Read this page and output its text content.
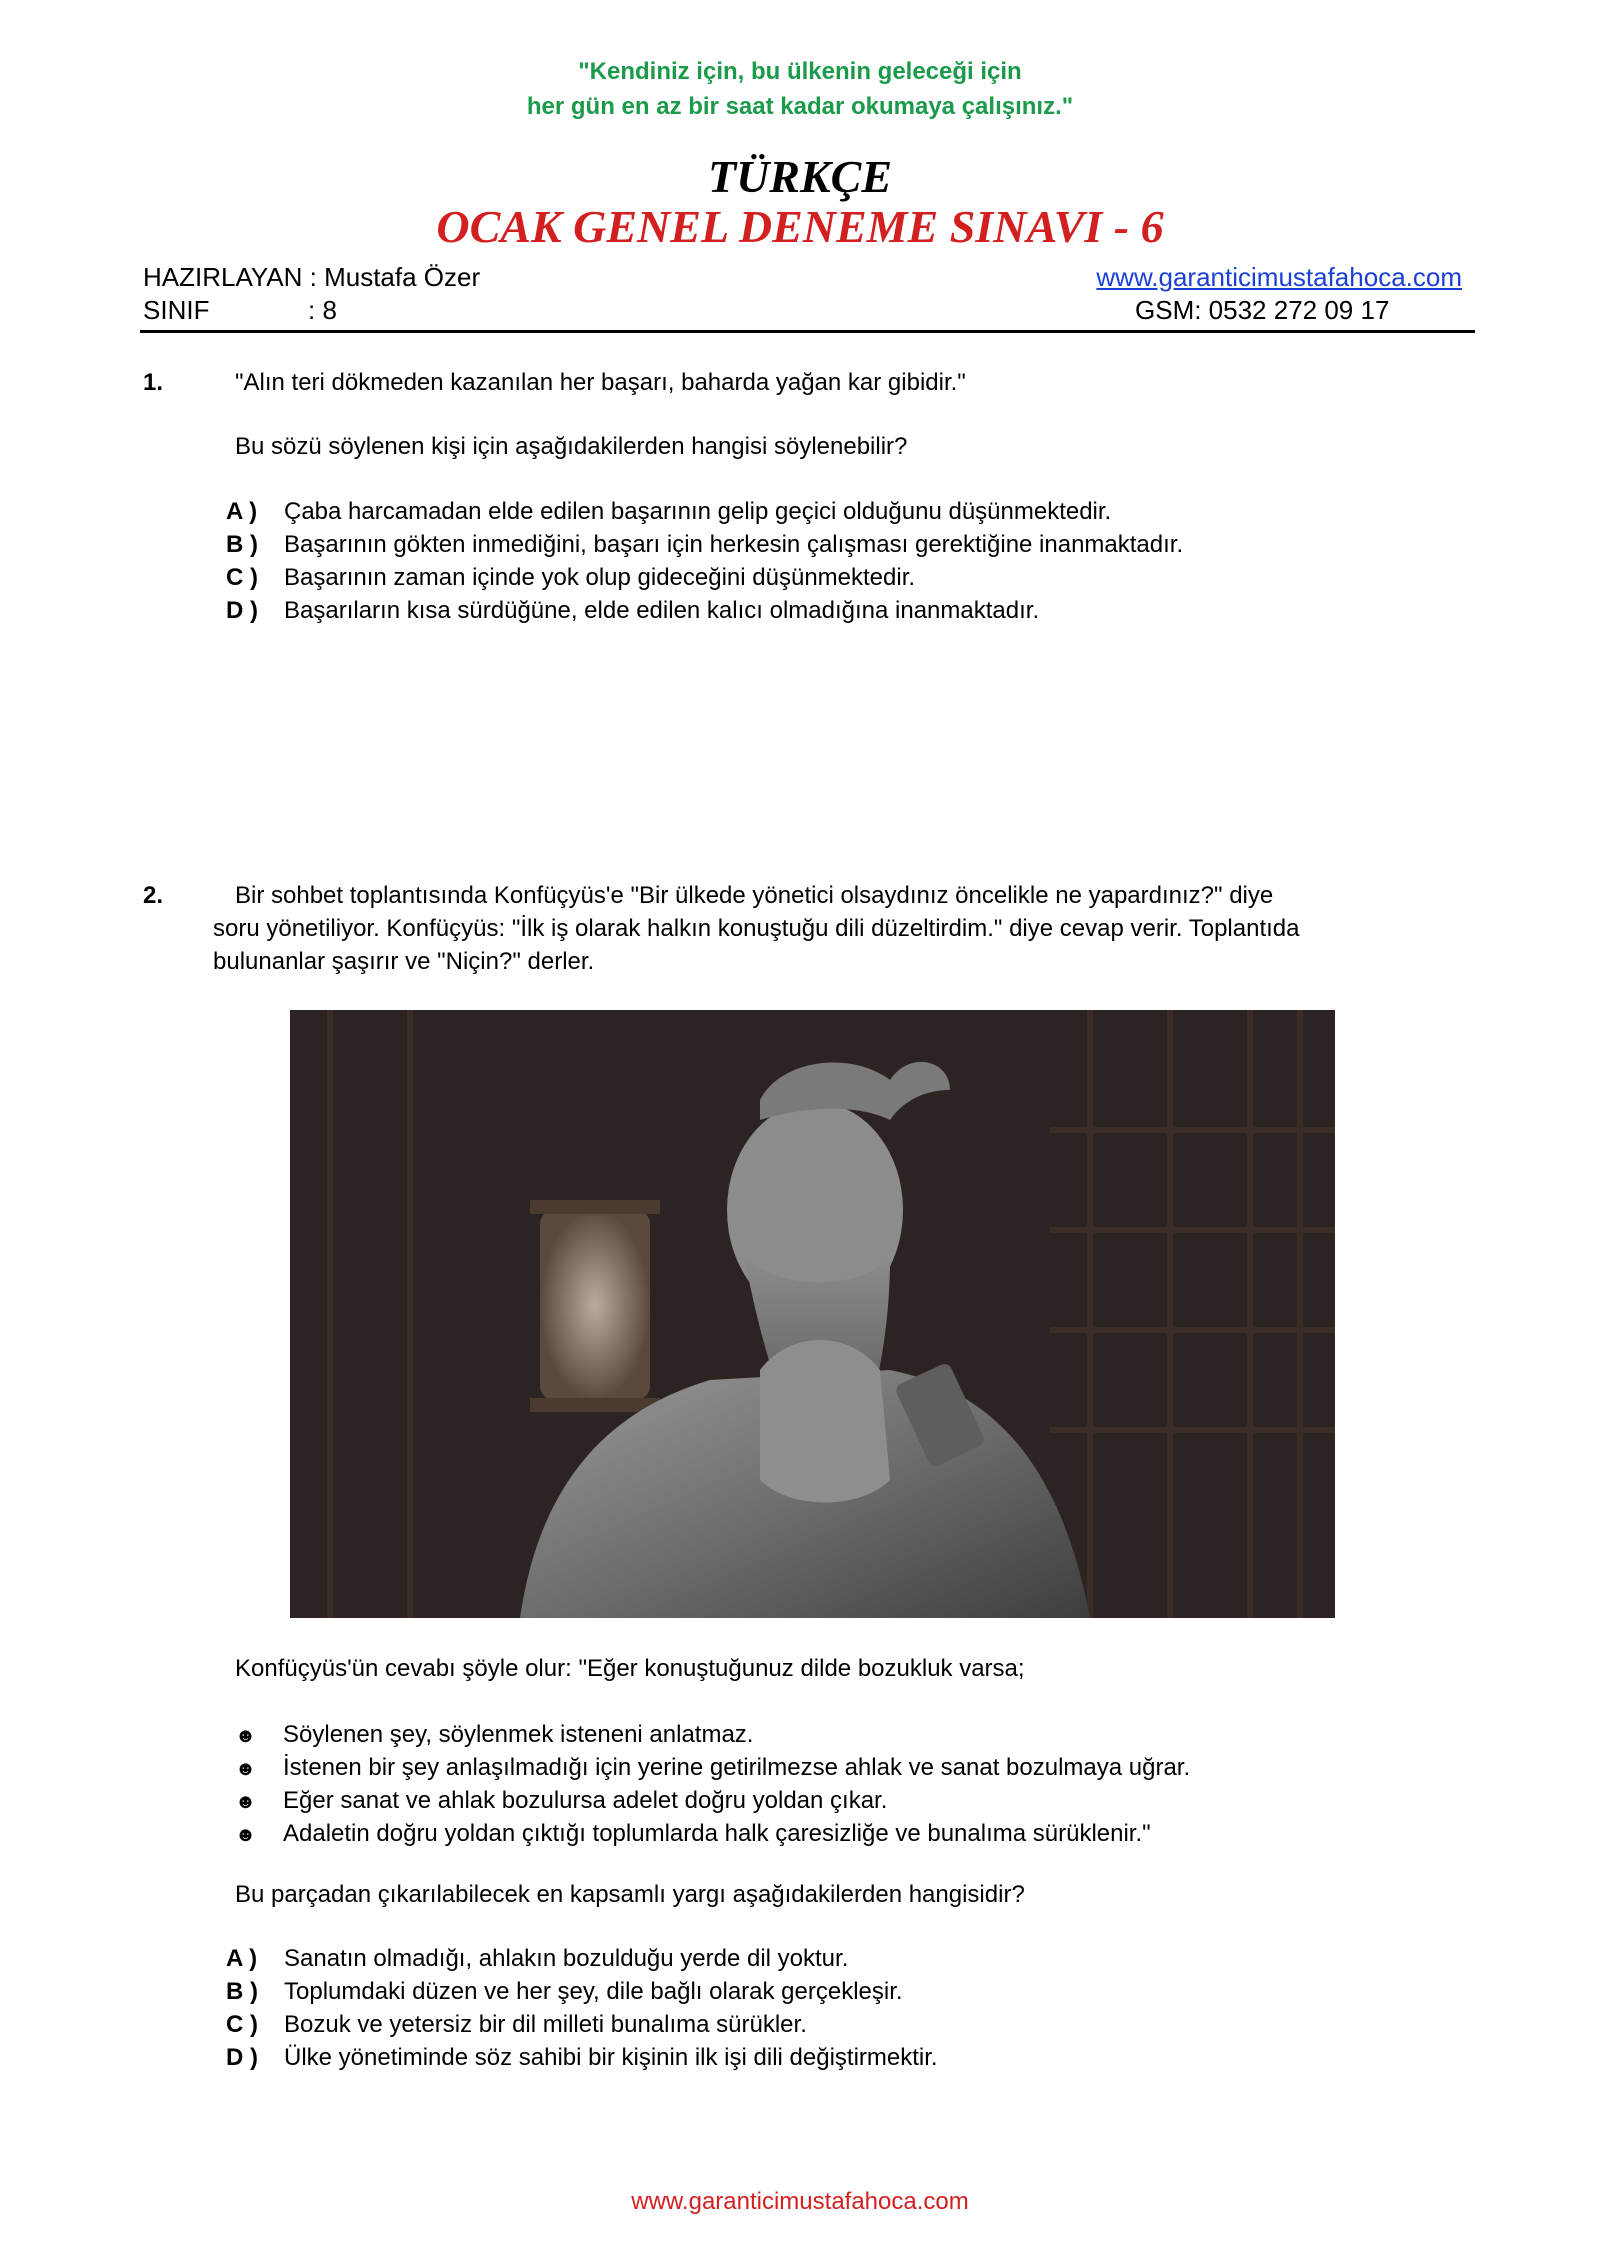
"Kendiniz için, bu ülkenin geleceği için
her gün en az bir saat kadar okumaya çalışınız."
TÜRKÇE
OCAK GENEL DENEME SINAVI - 6
HAZIRLAYAN : Mustafa Özer	www.garanticimustafahoca.com
SINIF	: 8	GSM: 0532 272 09 17
1.	"Alın teri dökmeden kazanılan her başarı, baharda yağan kar gibidir."
Bu sözü söylenen kişi için aşağıdakilerden hangisi söylenebilir?
A ) Çaba harcamadan elde edilen başarının gelip geçici olduğunu düşünmektedir.
B ) Başarının gökten inmediğini, başarı için herkesin çalışması gerektiğine inanmaktadır.
C ) Başarının zaman içinde yok olup gideceğini düşünmektedir.
D ) Başarıların kısa sürdüğüne, elde edilen kalıcı olmadığına inanmaktadır.
2.	Bir sohbet toplantısında Konfüçyüs'e "Bir ülkede yönetici olsaydınız öncelikle ne yapardınız?" diye
soru yönetiliyor. Konfüçyüs: "İlk iş olarak halkın konuştuğu dili düzeltirdim." diye cevap verir. Toplantıda
bulunanlar şaşırır ve "Niçin?" derler.
Konfüçyüs'ün cevabı şöyle olur: "Eğer konuştuğunuz dilde bozukluk varsa;
☻ Söylenen şey, söylenmek isteneni anlatmaz.
☻ İstenen bir şey anlaşılmadığı için yerine getirilmezse ahlak ve sanat bozulmaya uğrar.
☻ Eğer sanat ve ahlak bozulursa adelet doğru yoldan çıkar.
☻ Adaletin doğru yoldan çıktığı toplumlarda halk çaresizliğe ve bunalıma sürüklenir."
Bu parçadan çıkarılabilecek en kapsamlı yargı aşağıdakilerden hangisidir?
A ) Sanatın olmadığı, ahlakın bozulduğu yerde dil yoktur.
B ) Toplumdaki düzen ve her şey, dile bağlı olarak gerçekleşir.
C ) Bozuk ve yetersiz bir dil milleti bunalıma sürükler.
D ) Ülke yönetiminde söz sahibi bir kişinin ilk işi dili değiştirmektir.
www.garanticimustafahoca.com
